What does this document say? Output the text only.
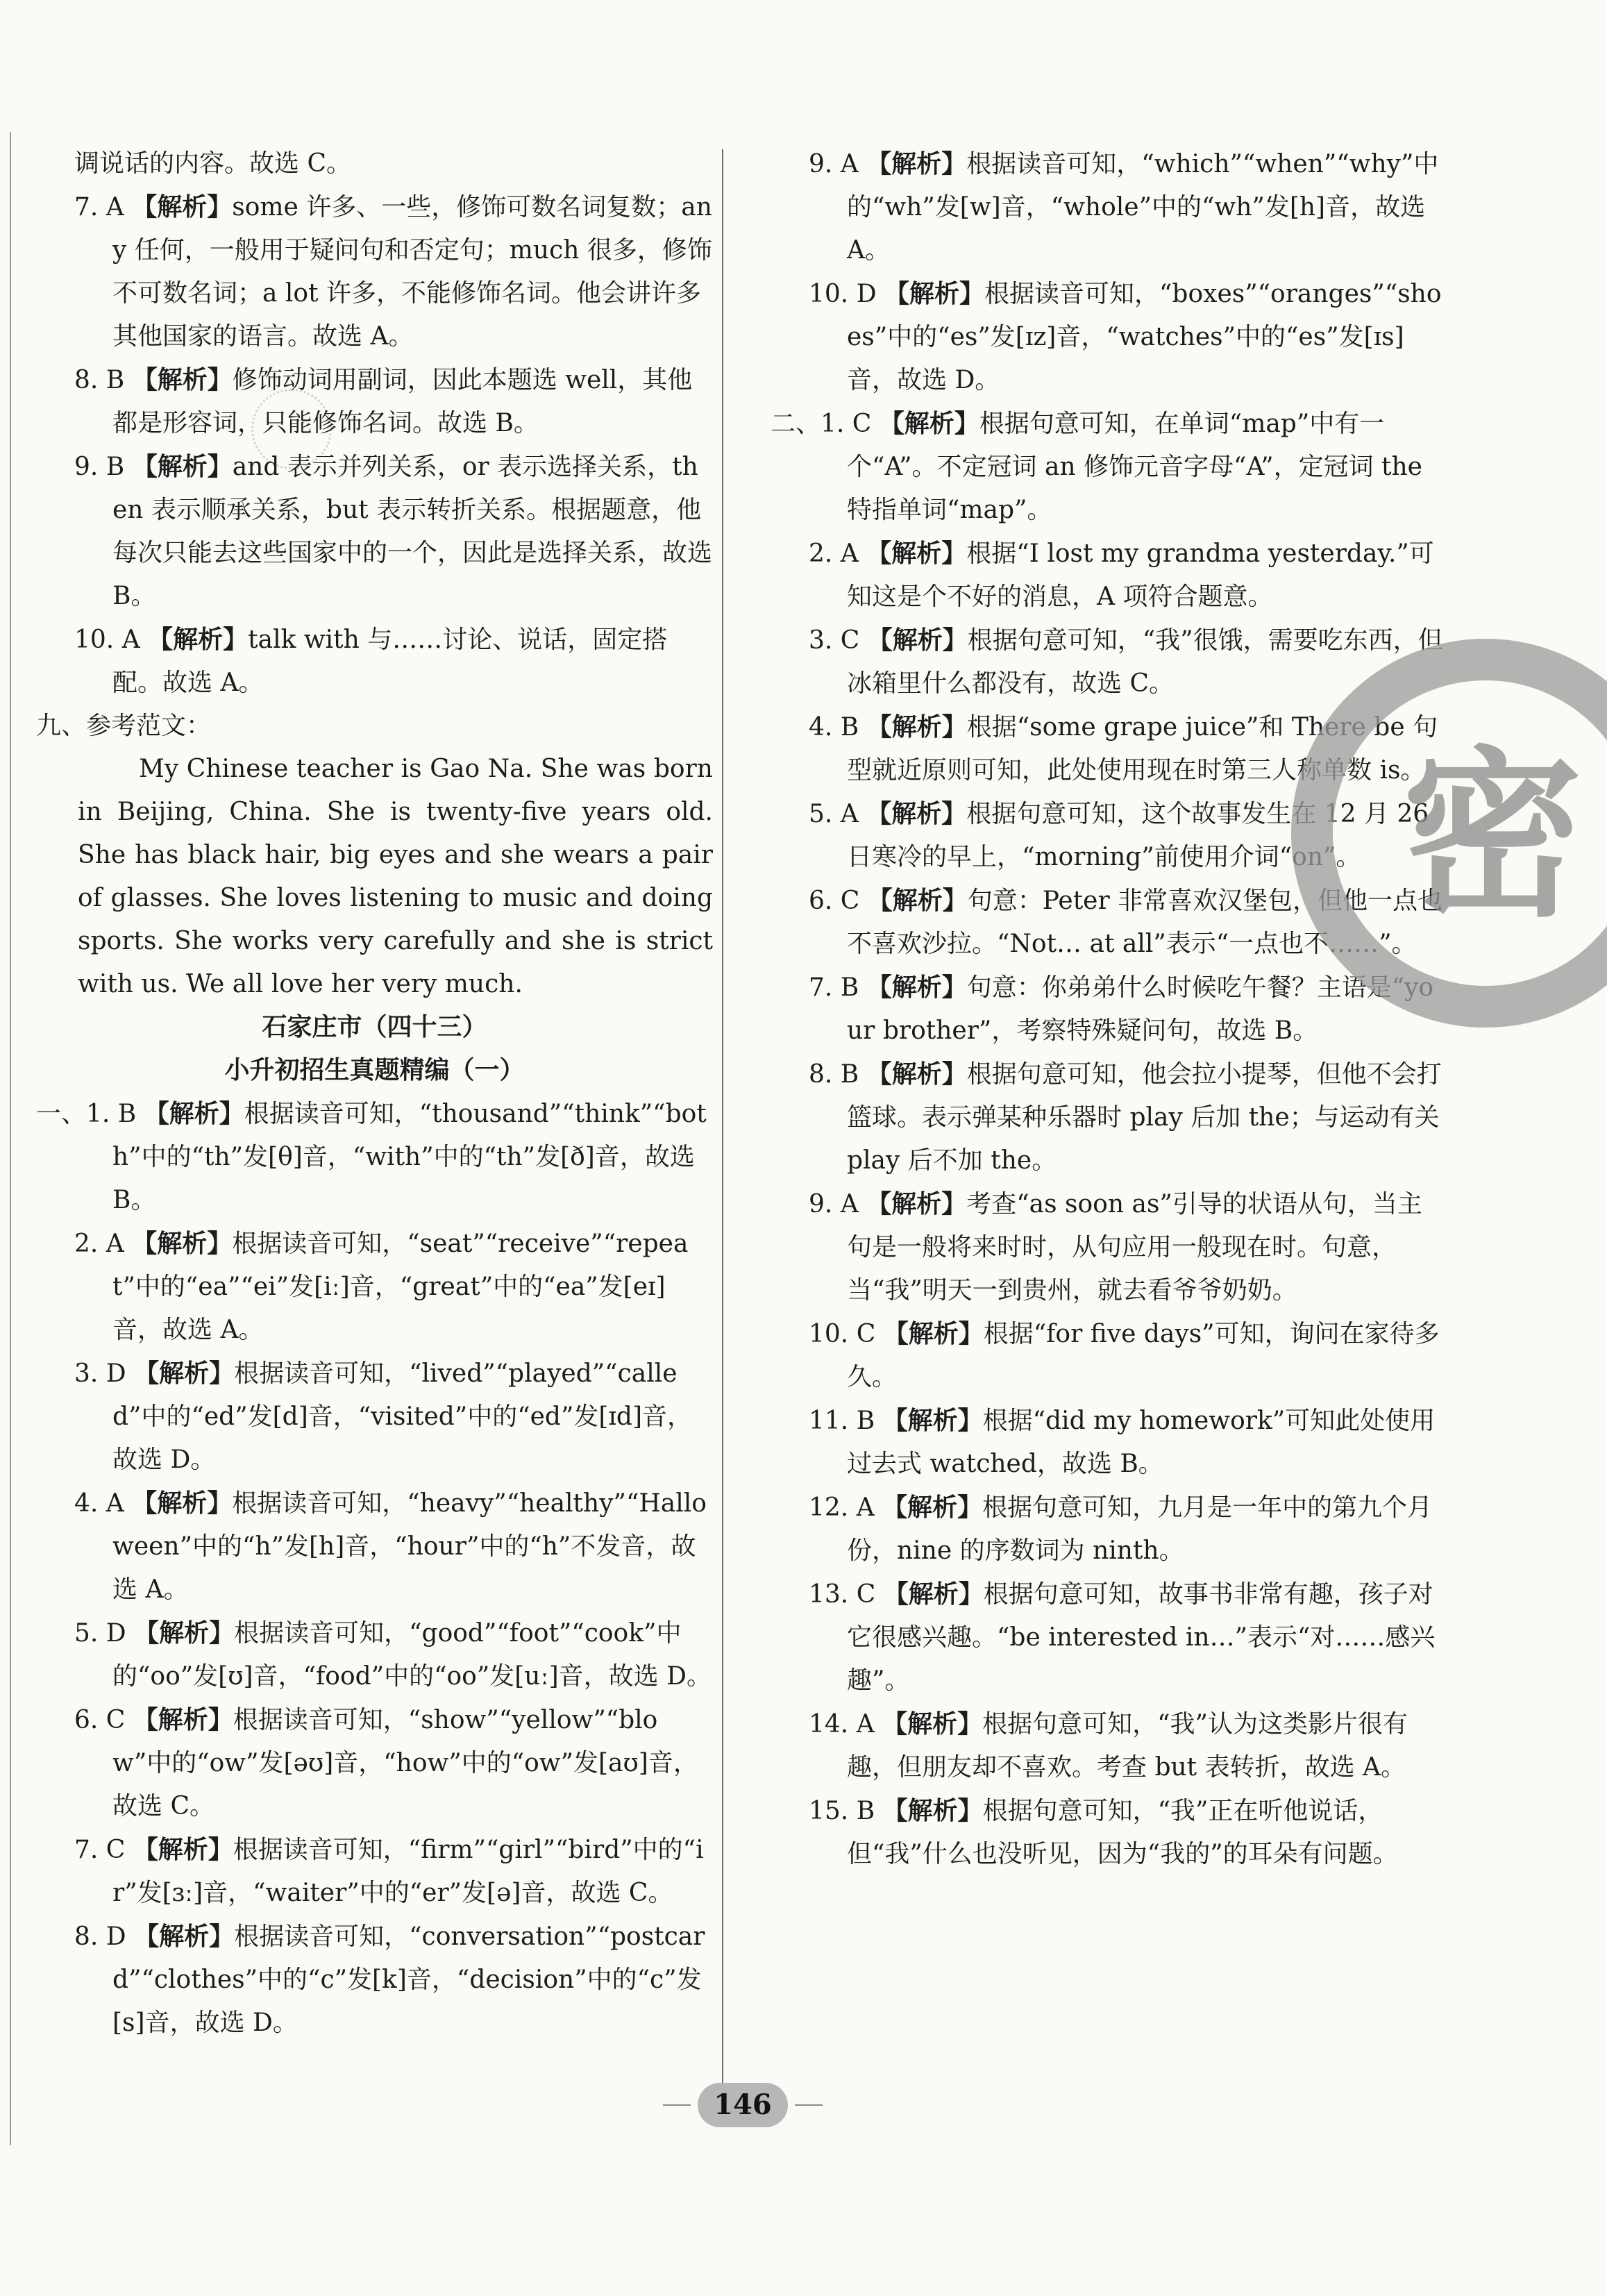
调说话的内容。故选 C。

7. A 【解析】some 许多、一些，修饰可数名词复数；any 任何，一般用于疑问句和否定句；much 很多，修饰不可数名词；a lot 许多，不能修饰名词。他会讲许多其他国家的语言。故选 A。

8. B 【解析】修饰动词用副词，因此本题选 well，其他都是形容词，只能修饰名词。故选 B。

9. B 【解析】and 表示并列关系，or 表示选择关系，then 表示顺承关系，but 表示转折关系。根据题意，他每次只能去这些国家中的一个，因此是选择关系，故选 B。

10. A 【解析】talk with 与……讨论、说话，固定搭配。故选 A。

九、参考范文：

My Chinese teacher is Gao Na. She was born in Beijing, China. She is twenty-five years old. She has black hair, big eyes and she wears a pair of glasses. She loves listening to music and doing sports. She works very carefully and she is strict with us. We all love her very much.

石家庄市（四十三）

小升初招生真题精编（一）

一、1. B 【解析】根据读音可知，“thousand”“think”“both”中的“th”发[θ]音，“with”中的“th”发[ð]音，故选 B。

2. A 【解析】根据读音可知，“seat”“receive”“repeat”中的“ea”“ei”发[iː]音，“great”中的“ea”发[eɪ]音，故选 A。

3. D 【解析】根据读音可知，“lived”“played”“called”中的“ed”发[d]音，“visited”中的“ed”发[ɪd]音，故选 D。

4. A 【解析】根据读音可知，“heavy”“healthy”“Halloween”中的“h”发[h]音，“hour”中的“h”不发音，故选 A。

5. D 【解析】根据读音可知，“good”“foot”“cook”中的“oo”发[ʊ]音，“food”中的“oo”发[uː]音，故选 D。

6. C 【解析】根据读音可知，“show”“yellow”“blow”中的“ow”发[əʊ]音，“how”中的“ow”发[aʊ]音，故选 C。

7. C 【解析】根据读音可知，“firm”“girl”“bird”中的“ir”发[ɜː]音，“waiter”中的“er”发[ə]音，故选 C。

8. D 【解析】根据读音可知，“conversation”“postcard”“clothes”中的“c”发[k]音，“decision”中的“c”发[s]音，故选 D。

9. A 【解析】根据读音可知，“which”“when”“why”中的“wh”发[w]音，“whole”中的“wh”发[h]音，故选 A。

10. D 【解析】根据读音可知，“boxes”“oranges”“shoes”中的“es”发[ɪz]音，“watches”中的“es”发[ɪs]音，故选 D。

二、1. C 【解析】根据句意可知，在单词“map”中有一个“A”。不定冠词 an 修饰元音字母“A”，定冠词 the 特指单词“map”。

2. A 【解析】根据“I lost my grandma yesterday.”可知这是个不好的消息，A 项符合题意。

3. C 【解析】根据句意可知，“我”很饿，需要吃东西，但冰箱里什么都没有，故选 C。

4. B 【解析】根据“some grape juice”和 There be 句型就近原则可知，此处使用现在时第三人称单数 is。

5. A 【解析】根据句意可知，这个故事发生在 12 月 26 日寒冷的早上，“morning”前使用介词“on”。

6. C 【解析】句意：Peter 非常喜欢汉堡包，但他一点也不喜欢沙拉。“Not… at all”表示“一点也不……”。

7. B 【解析】句意：你弟弟什么时候吃午餐？主语是“your brother”，考察特殊疑问句，故选 B。

8. B 【解析】根据句意可知，他会拉小提琴，但他不会打篮球。表示弹某种乐器时 play 后加 the；与运动有关 play 后不加 the。

9. A 【解析】考查“as soon as”引导的状语从句，当主句是一般将来时时，从句应用一般现在时。句意，当“我”明天一到贵州，就去看爷爷奶奶。

10. C 【解析】根据“for five days”可知，询问在家待多久。

11. B 【解析】根据“did my homework”可知此处使用过去式 watched，故选 B。

12. A 【解析】根据句意可知，九月是一年中的第九个月份，nine 的序数词为 ninth。

13. C 【解析】根据句意可知，故事书非常有趣，孩子对它很感兴趣。“be interested in…”表示“对……感兴趣”。

14. A 【解析】根据句意可知，“我”认为这类影片很有趣，但朋友却不喜欢。考查 but 表转折，故选 A。

15. B 【解析】根据句意可知，“我”正在听他说话，但“我”什么也没听见，因为“我的”的耳朵有问题。

密
146
